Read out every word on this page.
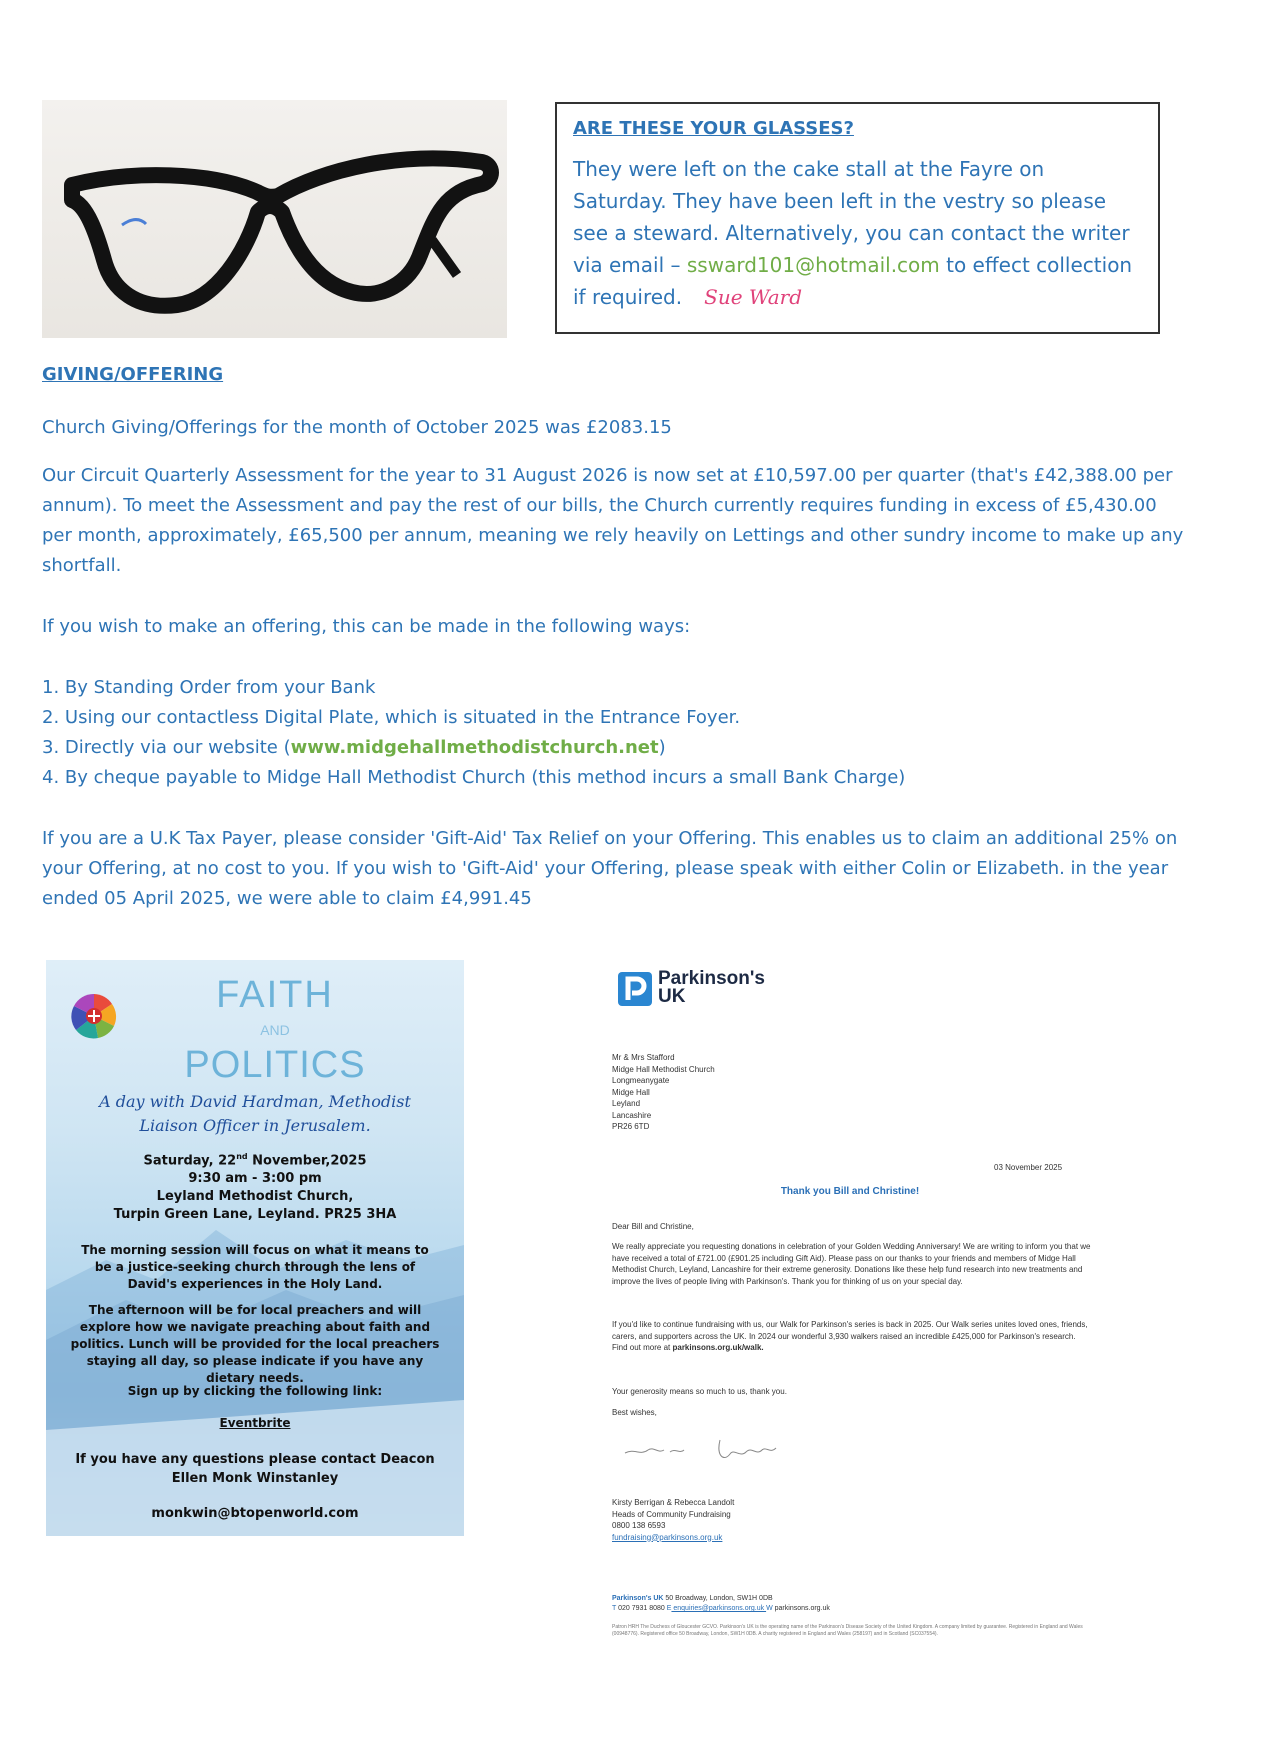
ARE THESE YOUR GLASSES?
They were left on the cake stall at the Fayre on Saturday. They have been left in the vestry so please see a steward. Alternatively, you can contact the writer via email – ssward101@hotmail.com to effect collection if required. Sue Ward
GIVING/OFFERING
Church Giving/Offerings for the month of October 2025 was £2083.15
Our Circuit Quarterly Assessment for the year to 31 August 2026 is now set at £10,597.00 per quarter (that's £42,388.00 per annum). To meet the Assessment and pay the rest of our bills, the Church currently requires funding in excess of £5,430.00 per month, approximately, £65,500 per annum, meaning we rely heavily on Lettings and other sundry income to make up any shortfall.
If you wish to make an offering, this can be made in the following ways:
1. By Standing Order from your Bank
2. Using our contactless Digital Plate, which is situated in the Entrance Foyer.
3. Directly via our website (www.midgehallmethodistchurch.net)
4. By cheque payable to Midge Hall Methodist Church (this method incurs a small Bank Charge)
If you are a U.K Tax Payer, please consider 'Gift-Aid' Tax Relief on your Offering. This enables us to claim an additional 25% on your Offering, at no cost to you. If you wish to 'Gift-Aid' your Offering, please speak with either Colin or Elizabeth. in the year ended 05 April 2025, we were able to claim £4,991.45
FAITH
AND
POLITICS
A day with David Hardman, Methodist Liaison Officer in Jerusalem.
Saturday, 22nd November,2025
9:30 am - 3:00 pm
Leyland Methodist Church,
Turpin Green Lane, Leyland. PR25 3HA
The morning session will focus on what it means to be a justice-seeking church through the lens of David's experiences in the Holy Land.
The afternoon will be for local preachers and will explore how we navigate preaching about faith and politics. Lunch will be provided for the local preachers staying all day, so please indicate if you have any dietary needs.
Sign up by clicking the following link:
Eventbrite
If you have any questions please contact Deacon Ellen Monk Winstanley
monkwin@btopenworld.com
Parkinson's
UK
Mr & Mrs Stafford
Midge Hall Methodist Church
Longmeanygate
Midge Hall
Leyland
Lancashire
PR26 6TD
03 November 2025
Thank you Bill and Christine!
Dear Bill and Christine,
We really appreciate you requesting donations in celebration of your Golden Wedding Anniversary! We are writing to inform you that we have received a total of £721.00 (£901.25 including Gift Aid). Please pass on our thanks to your friends and members of Midge Hall Methodist Church, Leyland, Lancashire for their extreme generosity. Donations like these help fund research into new treatments and improve the lives of people living with Parkinson's. Thank you for thinking of us on your special day.
If you'd like to continue fundraising with us, our Walk for Parkinson's series is back in 2025. Our Walk series unites loved ones, friends, carers, and supporters across the UK. In 2024 our wonderful 3,930 walkers raised an incredible £425,000 for Parkinson's research. Find out more at parkinsons.org.uk/walk.
Your generosity means so much to us, thank you.
Best wishes,
Kirsty Berrigan & Rebecca Landolt
Heads of Community Fundraising
0800 138 6593
fundraising@parkinsons.org.uk
Parkinson's UK 50 Broadway, London, SW1H 0DB
T 020 7931 8080 E enquiries@parkinsons.org.uk W parkinsons.org.uk
Patron HRH The Duchess of Gloucester GCVO. Parkinson's UK is the operating name of the Parkinson's Disease Society of the United Kingdom. A company limited by guarantee. Registered in England and Wales (00948776). Registered office 50 Broadway, London, SW1H 0DB. A charity registered in England and Wales (258197) and in Scotland (SC037554).
